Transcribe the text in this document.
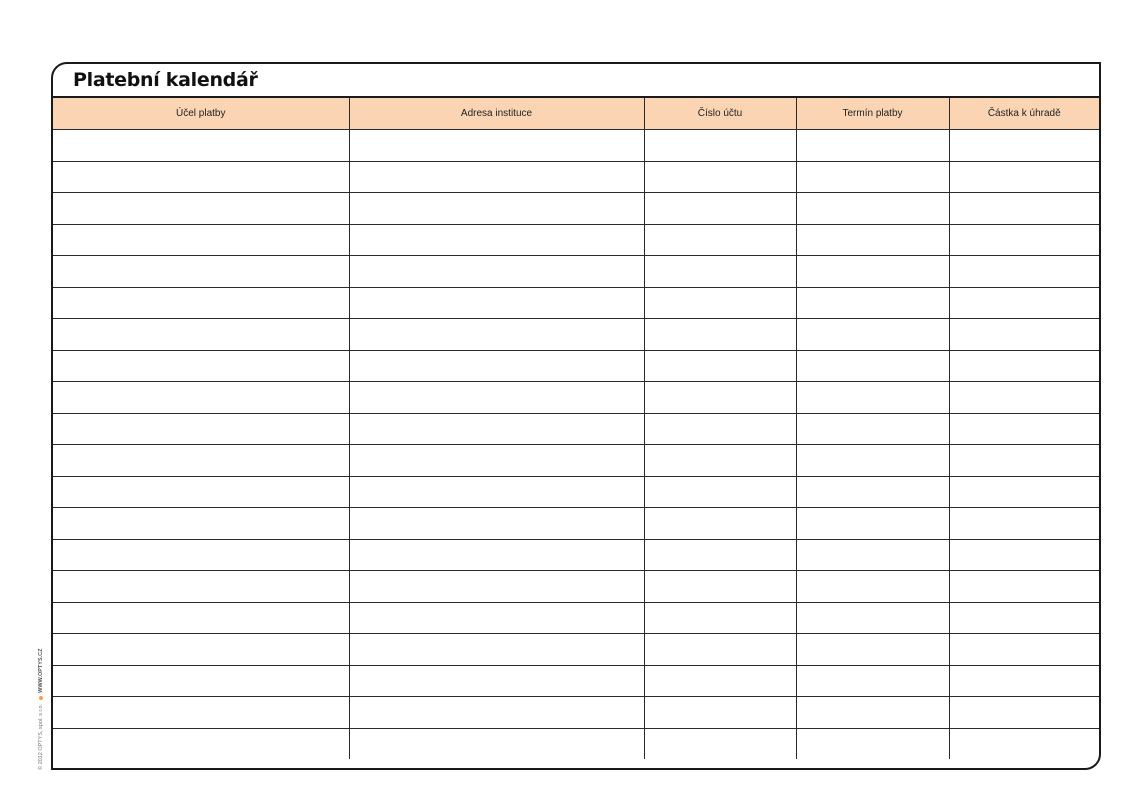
Platební kalendář
Účel platby	Adresa instituce	Číslo účtu	Termín platby	Částka k úhradě

© 2012 OPTYS, spol. s r.o.  WWW.OPTYS.CZ
